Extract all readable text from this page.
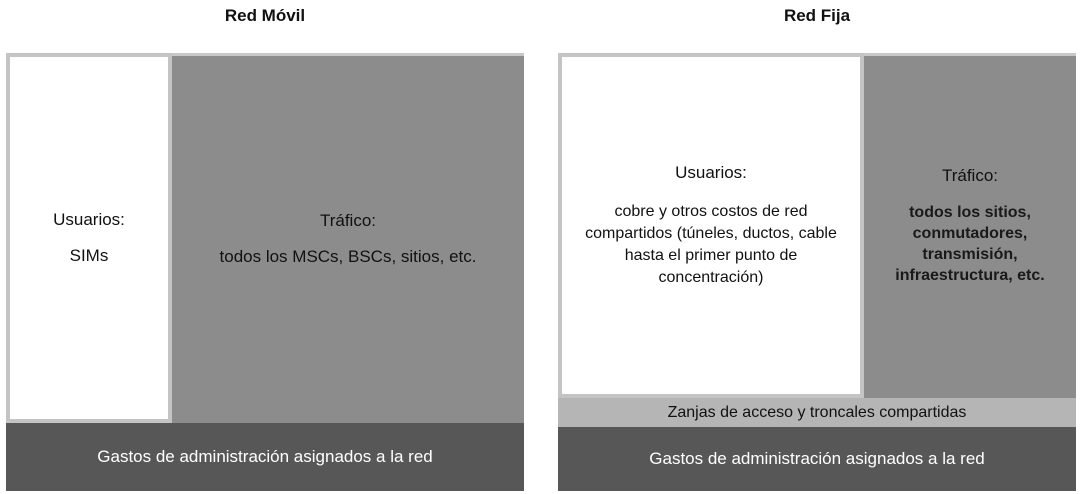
Red Móvil
Usuarios:
SIMs
Tráfico:
todos los MSCs, BSCs, sitios, etc.
Gastos de administración asignados a la red
Red Fija
Usuarios:
cobre y otros costos de red compartidos (túneles, ductos, cable hasta el primer punto de concentración)
Tráfico:
todos los sitios, conmutadores, transmisión, infraestructura, etc.
Zanjas de acceso y troncales compartidas
Gastos de administración asignados a la red
